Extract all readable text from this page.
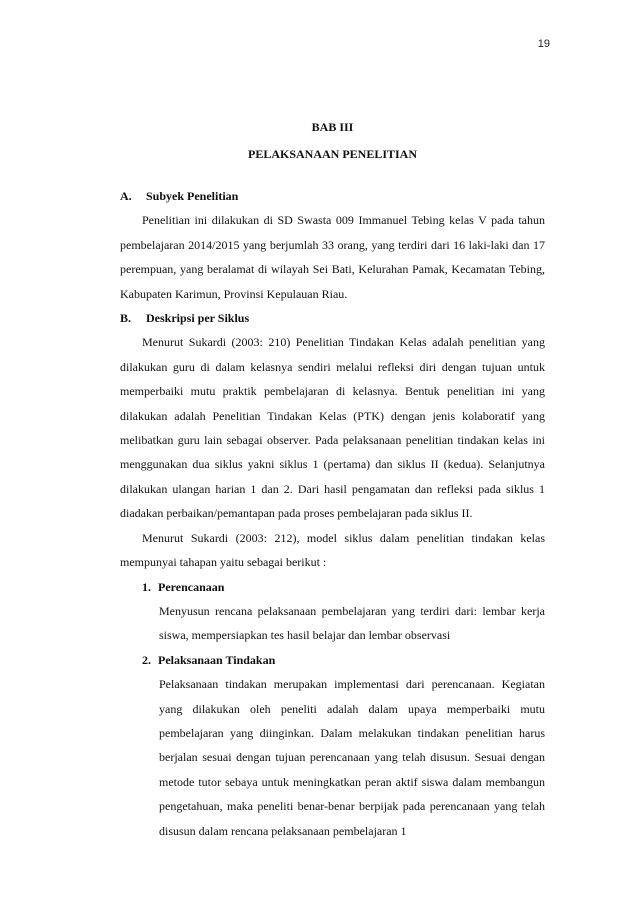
19
BAB III
PELAKSANAAN PENELITIAN
A. Subyek Penelitian

Penelitian ini dilakukan di SD Swasta 009 Immanuel Tebing kelas V pada tahun pembelajaran 2014/2015 yang berjumlah 33 orang, yang terdiri dari 16 laki-laki dan 17 perempuan, yang beralamat di wilayah Sei Bati, Kelurahan Pamak, Kecamatan Tebing, Kabupaten Karimun, Provinsi Kepulauan Riau.

B. Deskripsi per Siklus

Menurut Sukardi (2003: 210) Penelitian Tindakan Kelas adalah penelitian yang dilakukan guru di dalam kelasnya sendiri melalui refleksi diri dengan tujuan untuk memperbaiki mutu praktik pembelajaran di kelasnya. Bentuk penelitian ini yang dilakukan adalah Penelitian Tindakan Kelas (PTK) dengan jenis kolaboratif yang melibatkan guru lain sebagai observer. Pada pelaksanaan penelitian tindakan kelas ini menggunakan dua siklus yakni siklus 1 (pertama) dan siklus II (kedua). Selanjutnya dilakukan ulangan harian 1 dan 2. Dari hasil pengamatan dan refleksi pada siklus 1 diadakan perbaikan/pemantapan pada proses pembelajaran pada siklus II.

Menurut Sukardi (2003: 212), model siklus dalam penelitian tindakan kelas mempunyai tahapan yaitu sebagai berikut :

1. Perencanaan

Menyusun rencana pelaksanaan pembelajaran yang terdiri dari: lembar kerja siswa, mempersiapkan tes hasil belajar dan lembar observasi

2. Pelaksanaan Tindakan

Pelaksanaan tindakan merupakan implementasi dari perencanaan. Kegiatan yang dilakukan oleh peneliti adalah dalam upaya memperbaiki mutu pembelajaran yang diinginkan. Dalam melakukan tindakan penelitian harus berjalan sesuai dengan tujuan perencanaan yang telah disusun. Sesuai dengan metode tutor sebaya untuk meningkatkan peran aktif siswa dalam membangun pengetahuan, maka peneliti benar-benar berpijak pada perencanaan yang telah disusun dalam rencana pelaksanaan pembelajaran 1
